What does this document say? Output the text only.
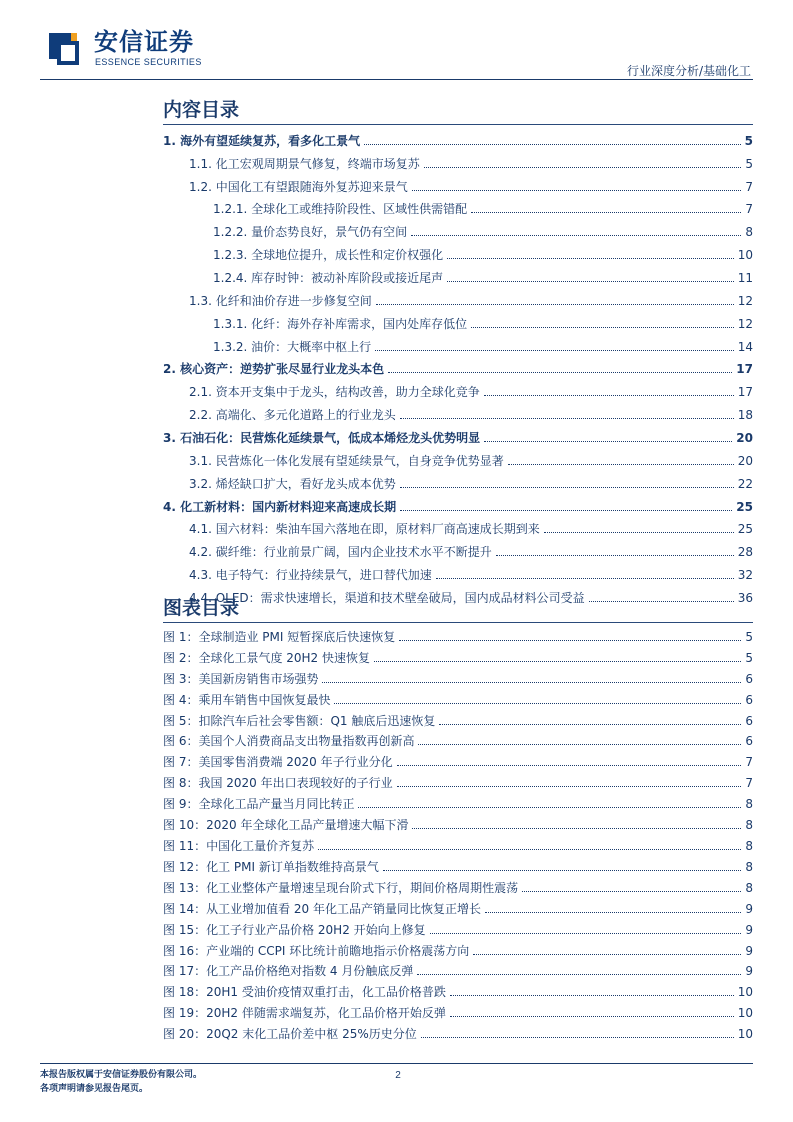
安信证券
ESSENCE SECURITIES
行业深度分析/基础化工
内容目录
1. 海外有望延续复苏，看多化工景气	5
1.1. 化工宏观周期景气修复，终端市场复苏	5
1.2. 中国化工有望跟随海外复苏迎来景气	7
1.2.1. 全球化工或维持阶段性、区域性供需错配	7
1.2.2. 量价态势良好，景气仍有空间	8
1.2.3. 全球地位提升，成长性和定价权强化	10
1.2.4. 库存时钟：被动补库阶段或接近尾声	11
1.3. 化纤和油价存进一步修复空间	12
1.3.1. 化纤：海外存补库需求，国内处库存低位	12
1.3.2. 油价：大概率中枢上行	14
2. 核心资产：逆势扩张尽显行业龙头本色	17
2.1. 资本开支集中于龙头，结构改善，助力全球化竞争	17
2.2. 高端化、多元化道路上的行业龙头	18
3. 石油石化：民营炼化延续景气，低成本烯烃龙头优势明显	20
3.1. 民营炼化一体化发展有望延续景气，自身竞争优势显著	20
3.2. 烯烃缺口扩大，看好龙头成本优势	22
4. 化工新材料：国内新材料迎来高速成长期	25
4.1. 国六材料：柴油车国六落地在即，原材料厂商高速成长期到来	25
4.2. 碳纤维：行业前景广阔，国内企业技术水平不断提升	28
4.3. 电子特气：行业持续景气，进口替代加速	32
4.4. OLED：需求快速增长，渠道和技术壁垒破局，国内成品材料公司受益	36
图表目录
图 1：全球制造业 PMI 短暂探底后快速恢复	5
图 2：全球化工景气度 20H2 快速恢复	5
图 3：美国新房销售市场强势	6
图 4：乘用车销售中国恢复最快	6
图 5：扣除汽车后社会零售额：Q1 触底后迅速恢复	6
图 6：美国个人消费商品支出物量指数再创新高	6
图 7：美国零售消费端 2020 年子行业分化	7
图 8：我国 2020 年出口表现较好的子行业	7
图 9：全球化工品产量当月同比转正	8
图 10：2020 年全球化工品产量增速大幅下滑	8
图 11：中国化工量价齐复苏	8
图 12：化工 PMI 新订单指数维持高景气	8
图 13：化工业整体产量增速呈现台阶式下行，期间价格周期性震荡	8
图 14：从工业增加值看 20 年化工品产销量同比恢复正增长	9
图 15：化工子行业产品价格 20H2 开始向上修复	9
图 16：产业端的 CCPI 环比统计前瞻地指示价格震荡方向	9
图 17：化工产品价格绝对指数 4 月份触底反弹	9
图 18：20H1 受油价疫情双重打击，化工品价格普跌	10
图 19：20H2 伴随需求端复苏，化工品价格开始反弹	10
图 20：20Q2 末化工品价差中枢 25%历史分位	10
本报告版权属于安信证券股份有限公司。
各项声明请参见报告尾页。
2
